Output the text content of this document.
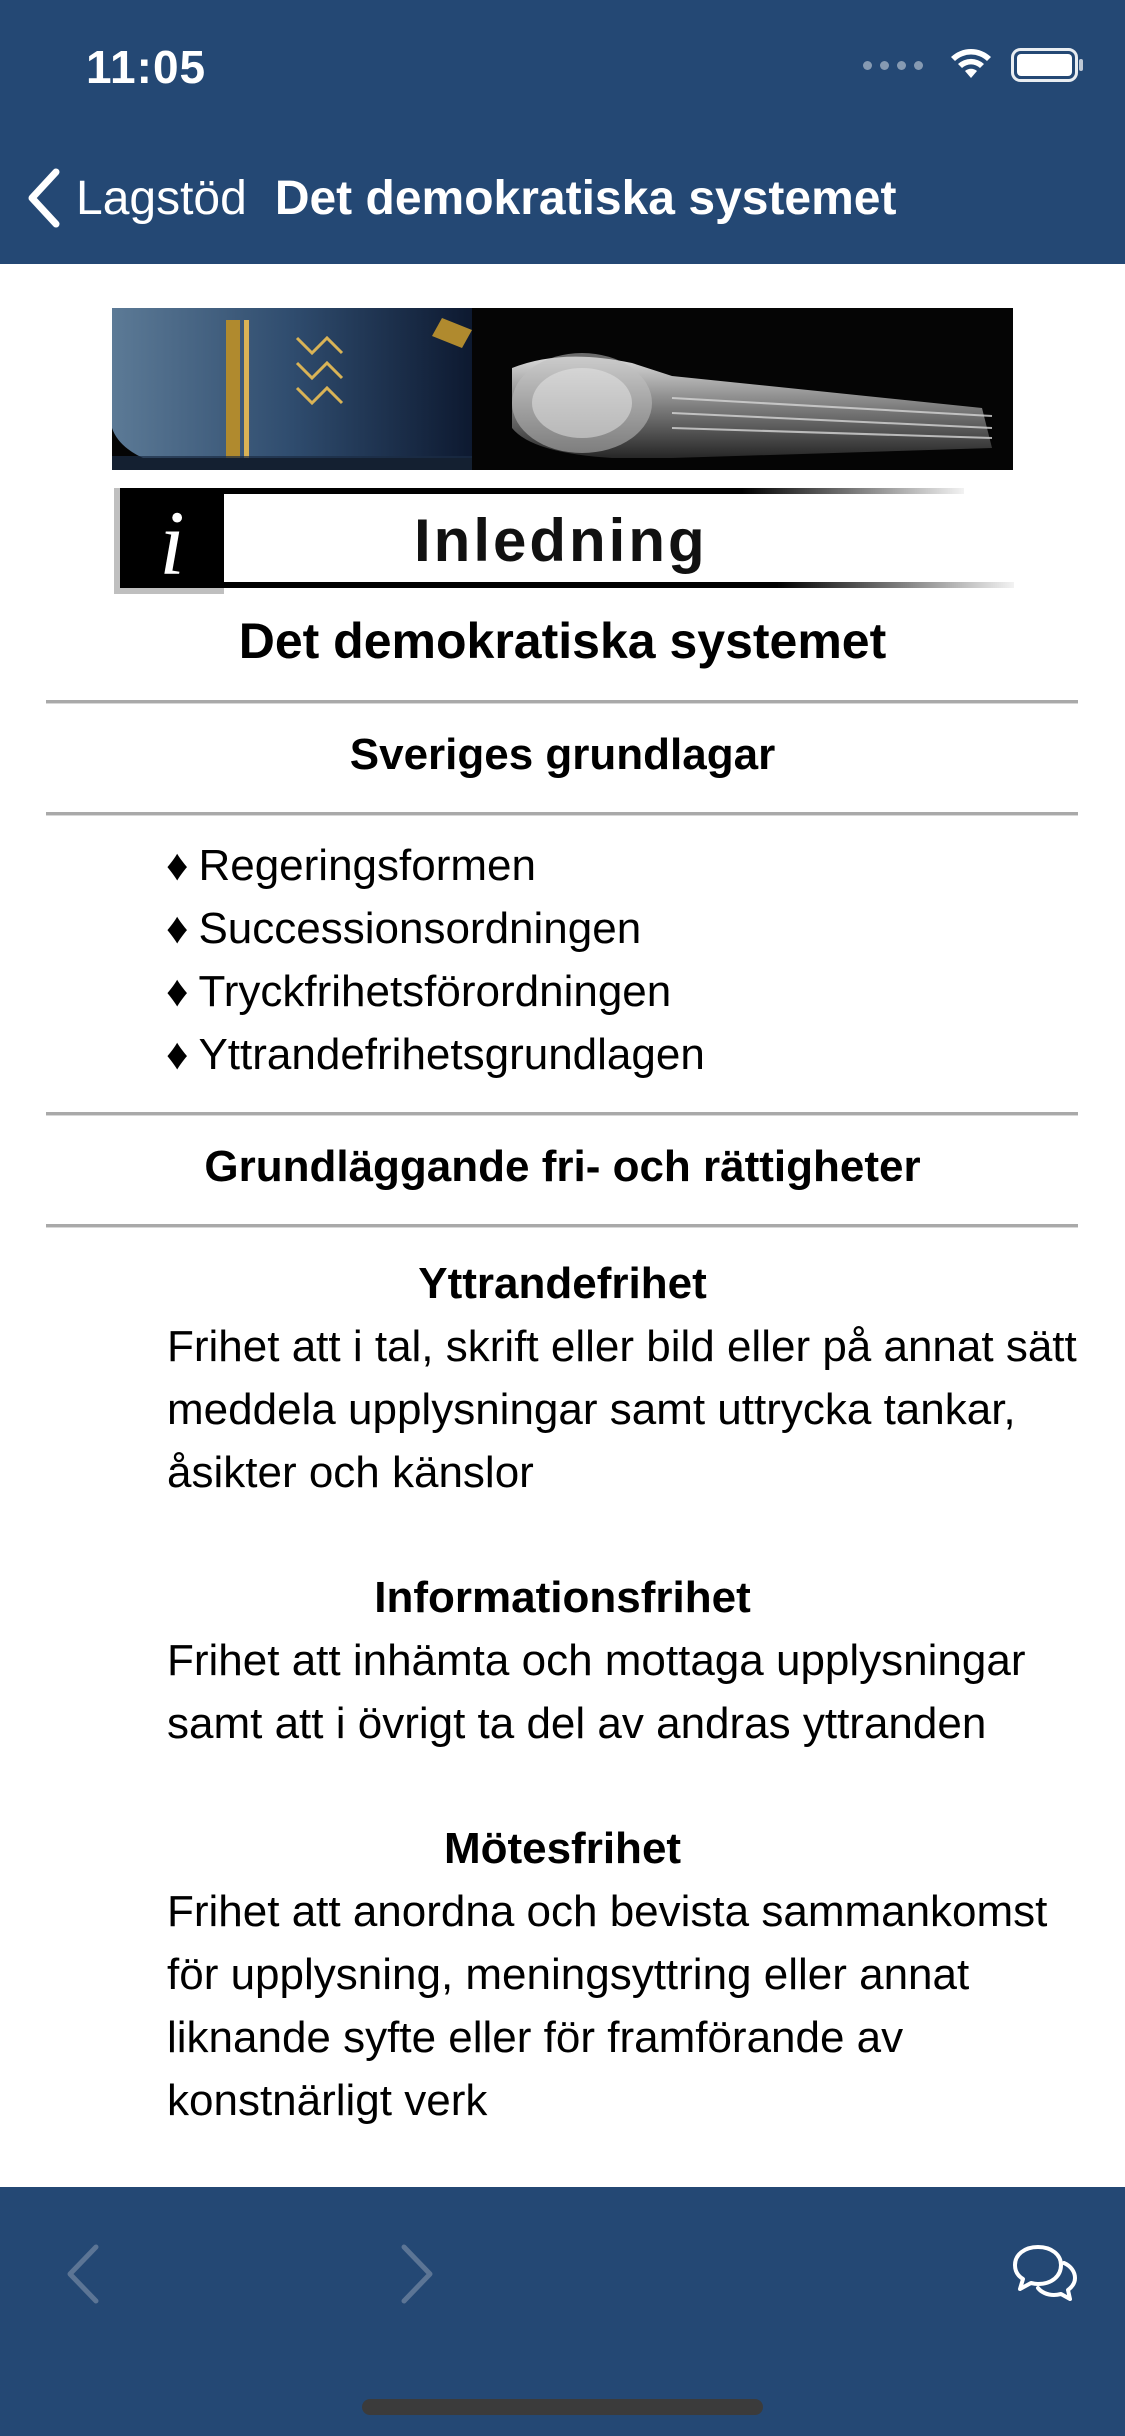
11:05
Lagstöd Det demokratiska systemet
i	Inledning
Det demokratiska systemet
Sveriges grundlagar
♦ Regeringsformen
♦ Successionsordningen
♦ Tryckfrihetsförordningen
♦ Yttrandefrihetsgrundlagen
Grundläggande fri- och rättigheter
Yttrandefrihet
Frihet att i tal, skrift eller bild eller på annat sätt meddela upplysningar samt uttrycka tankar, åsikter och känslor
Informationsfrihet
Frihet att inhämta och mottaga upplysningar samt att i övrigt ta del av andras yttranden
Mötesfrihet
Frihet att anordna och bevista sammankomst för upplysning, meningsyttring eller annat liknande syfte eller för framförande av konstnärligt verk
